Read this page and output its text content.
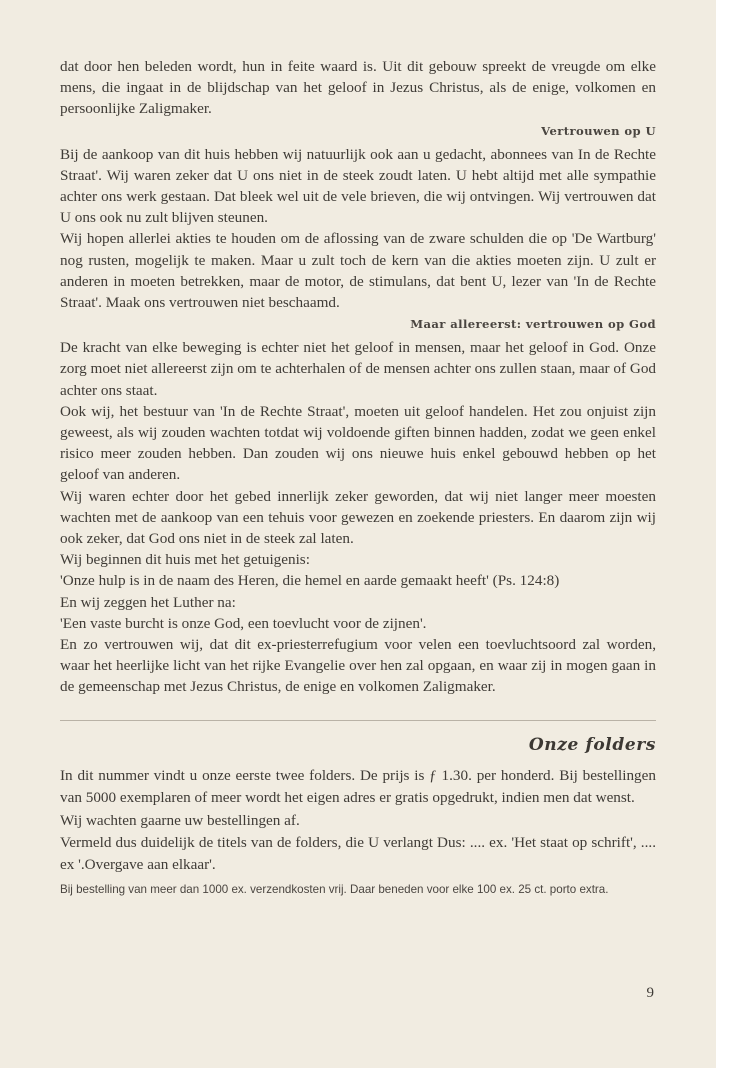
dat door hen beleden wordt, hun in feite waard is. Uit dit gebouw spreekt de vreugde om elke mens, die ingaat in de blijdschap van het geloof in Jezus Christus, als de enige, volkomen en persoonlijke Zaligmaker.

Vertrouwen op U

Bij de aankoop van dit huis hebben wij natuurlijk ook aan u gedacht, abonnees van In de Rechte Straat'. Wij waren zeker dat U ons niet in de steek zoudt laten. U hebt altijd met alle sympathie achter ons werk gestaan. Dat bleek wel uit de vele brieven, die wij ontvingen. Wij vertrouwen dat U ons ook nu zult blijven steunen.

Wij hopen allerlei akties te houden om de aflossing van de zware schulden die op 'De Wartburg' nog rusten, mogelijk te maken. Maar u zult toch de kern van die akties moeten zijn. U zult er anderen in moeten betrekken, maar de motor, de stimulans, dat bent U, lezer van 'In de Rechte Straat'. Maak ons vertrouwen niet beschaamd.

Maar allereerst: vertrouwen op God

De kracht van elke beweging is echter niet het geloof in mensen, maar het geloof in God. Onze zorg moet niet allereerst zijn om te achterhalen of de mensen achter ons zullen staan, maar of God achter ons staat.

Ook wij, het bestuur van 'In de Rechte Straat', moeten uit geloof handelen. Het zou onjuist zijn geweest, als wij zouden wachten totdat wij voldoende giften binnen hadden, zodat we geen enkel risico meer zouden hebben. Dan zouden wij ons nieuwe huis enkel gebouwd hebben op het geloof van anderen.

Wij waren echter door het gebed innerlijk zeker geworden, dat wij niet langer meer moesten wachten met de aankoop van een tehuis voor gewezen en zoekende priesters. En daarom zijn wij ook zeker, dat God ons niet in de steek zal laten.

Wij beginnen dit huis met het getuigenis:

'Onze hulp is in de naam des Heren, die hemel en aarde gemaakt heeft' (Ps. 124:8)

En wij zeggen het Luther na:

'Een vaste burcht is onze God, een toevlucht voor de zijnen'.

En zo vertrouwen wij, dat dit ex-priesterrefugium voor velen een toevluchtsoord zal worden, waar het heerlijke licht van het rijke Evangelie over hen zal opgaan, en waar zij in mogen gaan in de gemeenschap met Jezus Christus, de enige en volkomen Zaligmaker.

Onze folders

In dit nummer vindt u onze eerste twee folders. De prijs is ƒ 1.30. per honderd. Bij bestellingen van 5000 exemplaren of meer wordt het eigen adres er gratis opgedrukt, indien men dat wenst.

Wij wachten gaarne uw bestellingen af.

Vermeld dus duidelijk de titels van de folders, die U verlangt Dus: .... ex. 'Het staat op schrift', .... ex '.Overgave aan elkaar'.

Bij bestelling van meer dan 1000 ex. verzendkosten vrij. Daar beneden voor elke 100 ex. 25 ct. porto extra.

9
